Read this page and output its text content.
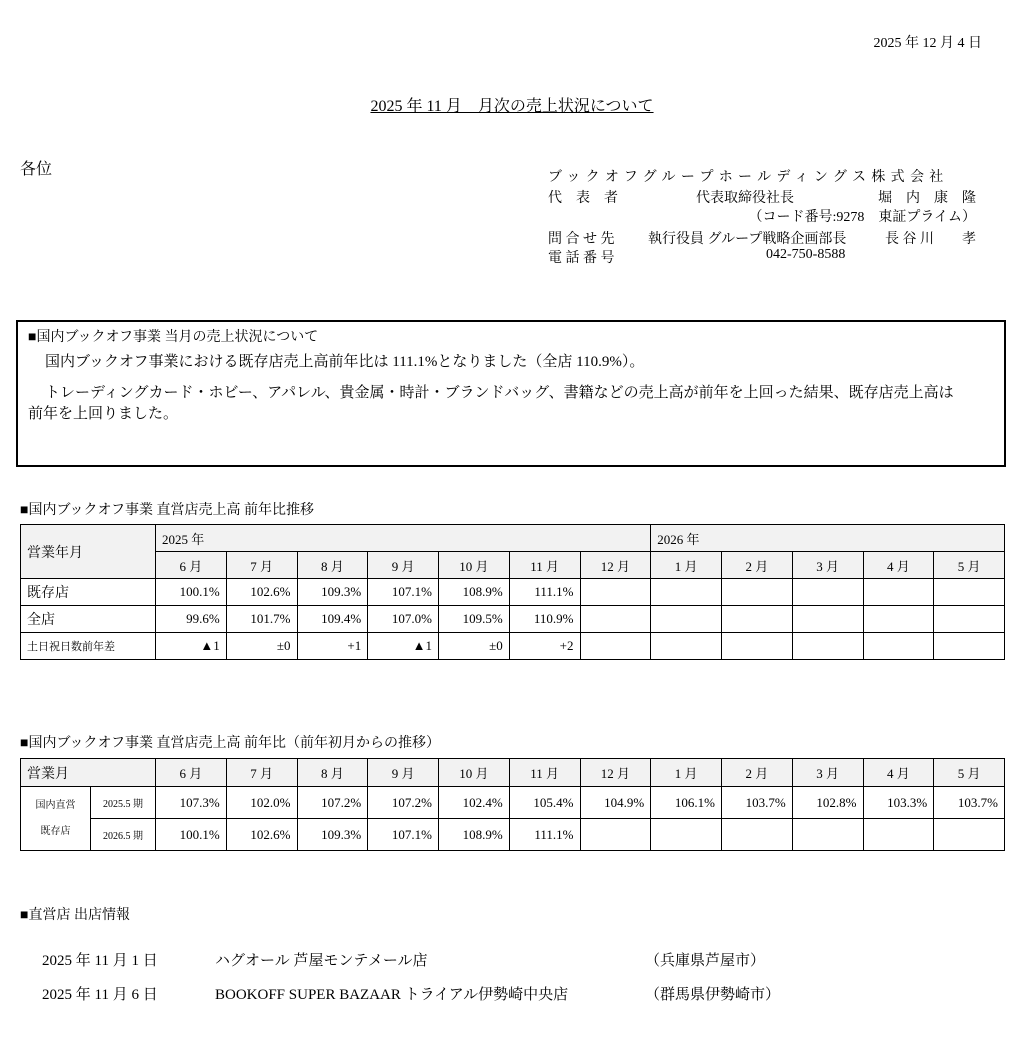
2025 年 12 月 4 日
2025 年 11 月　月次の売上状況について
各位	ブックオフグループホールディングス株式会社
代　表　者	代表取締役社長	堀　内　康　隆
（コード番号:9278　東証プライム）
問 合 せ 先 執行役員 グループ戦略企画部長	長 谷 川　　孝
電 話 番 号	042-750-8588
■国内ブックオフ事業 当月の売上状況について

　国内ブックオフ事業における既存店売上高前年比は 111.1%となりました（全店 110.9%）。

　トレーディングカード・ホビー、アパレル、貴金属・時計・ブランドバッグ、書籍などの売上高が前年を上回った結果、既存店売上高は

前年を上回りました。

■国内ブックオフ事業 直営店売上高 前年比推移
営業年月	2025 年							2026 年				
	6 月	7 月	8 月	9 月	10 月	11 月	12 月	1 月	2 月	3 月	4 月	5 月
既存店	100.1%	102.6%	109.3%	107.1%	108.9%	111.1%						
全店	99.6%	101.7%	109.4%	107.0%	109.5%	110.9%						
土日祝日数前年差	▲1	±0	+1	▲1	±0	+2						
■国内ブックオフ事業 直営店売上高 前年比（前年初月からの推移）
営業月		6 月	7 月	8 月	9 月	10 月	11 月	12 月	1 月	2 月	3 月	4 月	5 月

国内直営
既存店	2025.5 期	107.3%	102.0%	107.2%	107.2%	102.4%	105.4%	104.9%	106.1%	103.7%	102.8%	103.3%	103.7%
	2026.5 期	100.1%	102.6%	109.3%	107.1%	108.9%	111.1%						
■直営店 出店情報
2025 年 11 月 1 日	ハグオール 芦屋モンテメール店	（兵庫県芦屋市）
2025 年 11 月 6 日	BOOKOFF SUPER BAZAAR トライアル伊勢崎中央店	（群馬県伊勢崎市）
